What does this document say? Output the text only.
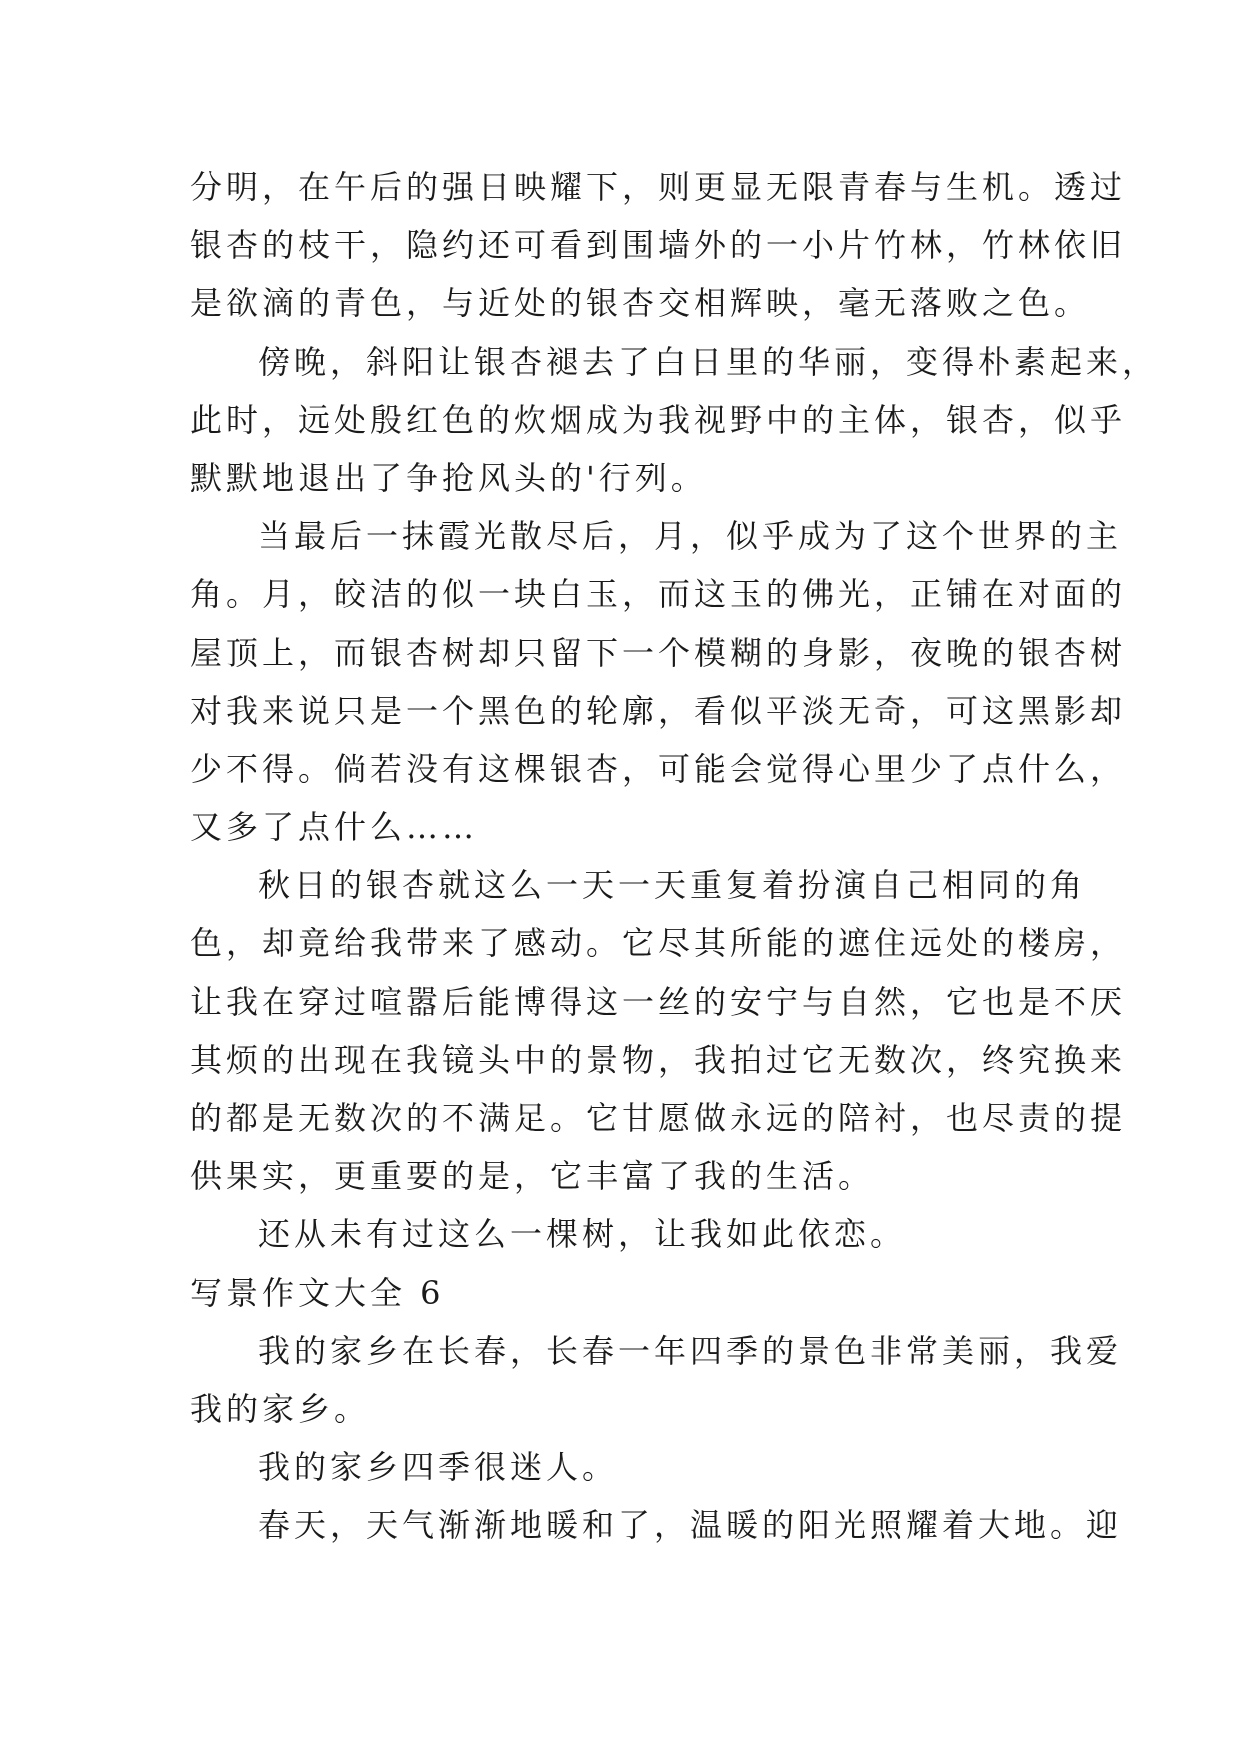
分明，在午后的强日映耀下，则更显无限青春与生机。透过
银杏的枝干，隐约还可看到围墙外的一小片竹林，竹林依旧
是欲滴的青色，与近处的银杏交相辉映，毫无落败之色。
傍晚，斜阳让银杏褪去了白日里的华丽，变得朴素起来，
此时，远处殷红色的炊烟成为我视野中的主体，银杏，似乎
默默地退出了争抢风头的'行列。
当最后一抹霞光散尽后，月，似乎成为了这个世界的主
角。月，皎洁的似一块白玉，而这玉的佛光，正铺在对面的
屋顶上，而银杏树却只留下一个模糊的身影，夜晚的银杏树
对我来说只是一个黑色的轮廓，看似平淡无奇，可这黑影却
少不得。倘若没有这棵银杏，可能会觉得心里少了点什么，
又多了点什么……
秋日的银杏就这么一天一天重复着扮演自己相同的角
色，却竟给我带来了感动。它尽其所能的遮住远处的楼房，
让我在穿过喧嚣后能博得这一丝的安宁与自然，它也是不厌
其烦的出现在我镜头中的景物，我拍过它无数次，终究换来
的都是无数次的不满足。它甘愿做永远的陪衬，也尽责的提
供果实，更重要的是，它丰富了我的生活。
还从未有过这么一棵树，让我如此依恋。
写景作文大全 6
我的家乡在长春，长春一年四季的景色非常美丽，我爱
我的家乡。
我的家乡四季很迷人。
春天，天气渐渐地暖和了，温暖的阳光照耀着大地。迎
